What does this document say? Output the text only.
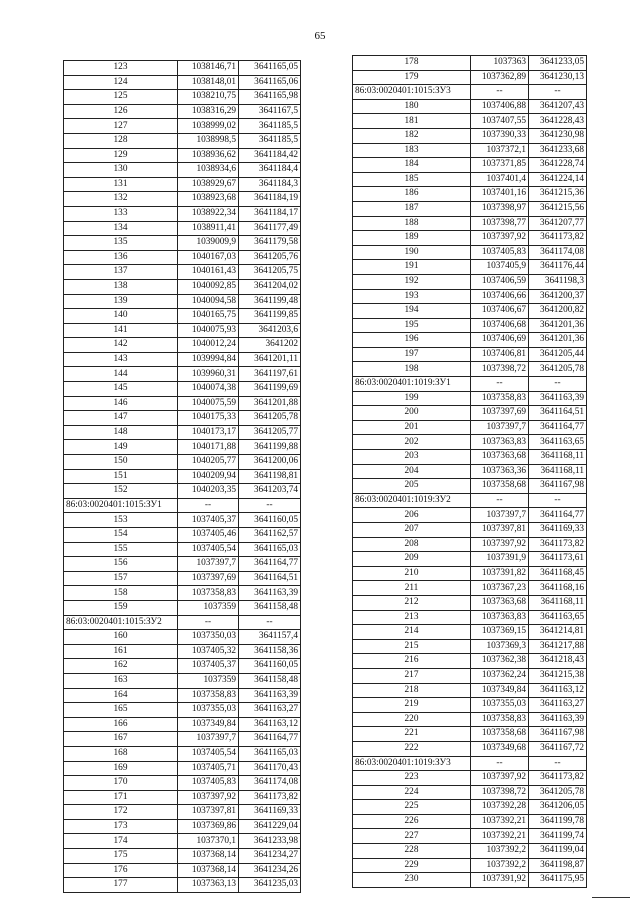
65
123	1038146,71	3641165,05
124	1038148,01	3641165,06
125	1038210,75	3641165,98
126	1038316,29	3641167,5
127	1038999,02	3641185,5
128	1038998,5	3641185,5
129	1038936,62	3641184,42
130	1038934,6	3641184,4
131	1038929,67	3641184,3
132	1038923,68	3641184,19
133	1038922,34	3641184,17
134	1038911,41	3641177,49
135	1039009,9	3641179,58
136	1040167,03	3641205,76
137	1040161,43	3641205,75
138	1040092,85	3641204,02
139	1040094,58	3641199,48
140	1040165,75	3641199,85
141	1040075,93	3641203,6
142	1040012,24	3641202
143	1039994,84	3641201,11
144	1039960,31	3641197,61
145	1040074,38	3641199,69
146	1040075,59	3641201,88
147	1040175,33	3641205,78
148	1040173,17	3641205,77
149	1040171,88	3641199,88
150	1040205,77	3641200,06
151	1040209,94	3641198,81
152	1040203,35	3641203,74
86:03:0020401:1015:ЗУ1	--	--
153	1037405,37	3641160,05
154	1037405,46	3641162,57
155	1037405,54	3641165,03
156	1037397,7	3641164,77
157	1037397,69	3641164,51
158	1037358,83	3641163,39
159	1037359	3641158,48
86:03:0020401:1015:ЗУ2	--	--
160	1037350,03	3641157,4
161	1037405,32	3641158,36
162	1037405,37	3641160,05
163	1037359	3641158,48
164	1037358,83	3641163,39
165	1037355,03	3641163,27
166	1037349,84	3641163,12
167	1037397,7	3641164,77
168	1037405,54	3641165,03
169	1037405,71	3641170,43
170	1037405,83	3641174,08
171	1037397,92	3641173,82
172	1037397,81	3641169,33
173	1037369,86	3641229,04
174	1037370,1	3641233,98
175	1037368,14	3641234,27
176	1037368,14	3641234,26
177	1037363,13	3641235,03
178	1037363	3641233,05
179	1037362,89	3641230,13
86:03:0020401:1015:ЗУ3	--	--
180	1037406,88	3641207,43
181	1037407,55	3641228,43
182	1037390,33	3641230,98
183	1037372,1	3641233,68
184	1037371,85	3641228,74
185	1037401,4	3641224,14
186	1037401,16	3641215,36
187	1037398,97	3641215,56
188	1037398,77	3641207,77
189	1037397,92	3641173,82
190	1037405,83	3641174,08
191	1037405,9	3641176,44
192	1037406,59	3641198,3
193	1037406,66	3641200,37
194	1037406,67	3641200,82
195	1037406,68	3641201,36
196	1037406,69	3641201,36
197	1037406,81	3641205,44
198	1037398,72	3641205,78
86:03:0020401:1019:ЗУ1	--	--
199	1037358,83	3641163,39
200	1037397,69	3641164,51
201	1037397,7	3641164,77
202	1037363,83	3641163,65
203	1037363,68	3641168,11
204	1037363,36	3641168,11
205	1037358,68	3641167,98
86:03:0020401:1019:ЗУ2	--	--
206	1037397,7	3641164,77
207	1037397,81	3641169,33
208	1037397,92	3641173,82
209	1037391,9	3641173,61
210	1037391,82	3641168,45
211	1037367,23	3641168,16
212	1037363,68	3641168,11
213	1037363,83	3641163,65
214	1037369,15	3641214,81
215	1037369,3	3641217,88
216	1037362,38	3641218,43
217	1037362,24	3641215,38
218	1037349,84	3641163,12
219	1037355,03	3641163,27
220	1037358,83	3641163,39
221	1037358,68	3641167,98
222	1037349,68	3641167,72
86:03:0020401:1019:ЗУ3	--	--
223	1037397,92	3641173,82
224	1037398,72	3641205,78
225	1037392,28	3641206,05
226	1037392,21	3641199,78
227	1037392,21	3641199,74
228	1037392,2	3641199,04
229	1037392,2	3641198,87
230	1037391,92	3641175,95
